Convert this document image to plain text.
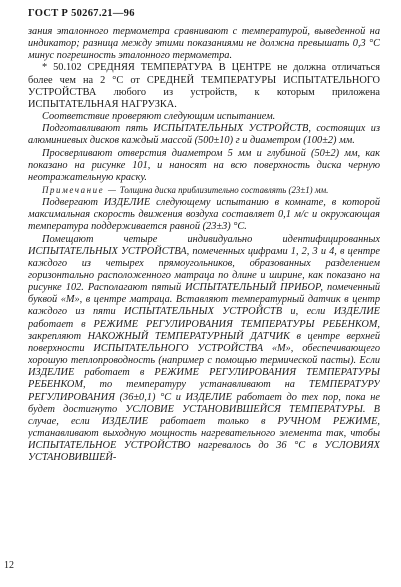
ГОСТ Р 50267.21—96

зания эталонного термометра сравнивают с температурой, выведенной на индикатор; разница между этими показаниями не должна превышать 0,3 °С минус погрешность эталонного термометра.

* 50.102 СРЕДНЯЯ ТЕМПЕРАТУРА В ЦЕНТРЕ не должна отличаться более чем на 2 °С от СРЕДНЕЙ ТЕМПЕРАТУРЫ ИСПЫТАТЕЛЬНОГО УСТРОЙСТВА любого из устройств, к которым приложена ИСПЫТАТЕЛЬНАЯ НАГРУЗКА.

Соответствие проверяют следующим испытанием.

Подготавливают пять ИСПЫТАТЕЛЬНЫХ УСТРОЙСТВ, состоящих из алюминиевых дисков каждый массой (500±10) г и диаметром (100±2) мм.

Просверливают отверстия диаметром 5 мм и глубиной (50±2) мм, как показано на рисунке 101, и наносят на всю поверхность диска черную неотражательную краску.

Примечание — Толщина диска приблизительно составлять (23±1) мм.

Подвергают ИЗДЕЛИЕ следующему испытанию в комнате, в которой максимальная скорость движения воздуха составляет 0,1 м/с и окружающая температура поддерживается равной (23±3) °С.

Помещают четыре индивидуально идентифицированных ИСПЫТАТЕЛЬНЫХ УСТРОЙСТВА, помеченных цифрами 1, 2, 3 и 4, в центре каждого из четырех прямоугольников, образованных разделением горизонтально расположенного матраца по длине и ширине, как показано на рисунке 102. Располагают пятый ИСПЫТАТЕЛЬНЫЙ ПРИБОР, помеченный буквой «М», в центре матраца. Вставляют температурный датчик в центр каждого из пяти ИСПЫТАТЕЛЬНЫХ УСТРОЙСТВ и, если ИЗДЕЛИЕ работает в РЕЖИМЕ РЕГУЛИРОВАНИЯ ТЕМПЕРАТУРЫ РЕБЕНКОМ, закрепляют НАКОЖНЫЙ ТЕМПЕРАТУРНЫЙ ДАТЧИК в центре верхней поверхности ИСПЫТАТЕЛЬНОГО УСТРОЙСТВА «М», обеспечивающего хорошую теплопроводность (например с помощью термической пасты). Если ИЗДЕЛИЕ работает в РЕЖИМЕ РЕГУЛИРОВАНИЯ ТЕМПЕРАТУРЫ РЕБЕНКОМ, то температуру устанавливают на ТЕМПЕРАТУРУ РЕГУЛИРОВАНИЯ (36±0,1) °С и ИЗДЕЛИЕ работает до тех пор, пока не будет достигнуто УСЛОВИЕ УСТАНОВИВШЕЙСЯ ТЕМПЕРАТУРЫ. В случае, если ИЗДЕЛИЕ работает только в РУЧНОМ РЕЖИМЕ, устанавливают выходную мощность нагревательного элемента так, чтобы ИСПЫТАТЕЛЬНОЕ УСТРОЙСТВО нагревалось до 36 °С в УСЛОВИЯХ УСТАНОВИВШЕЙ-

12
